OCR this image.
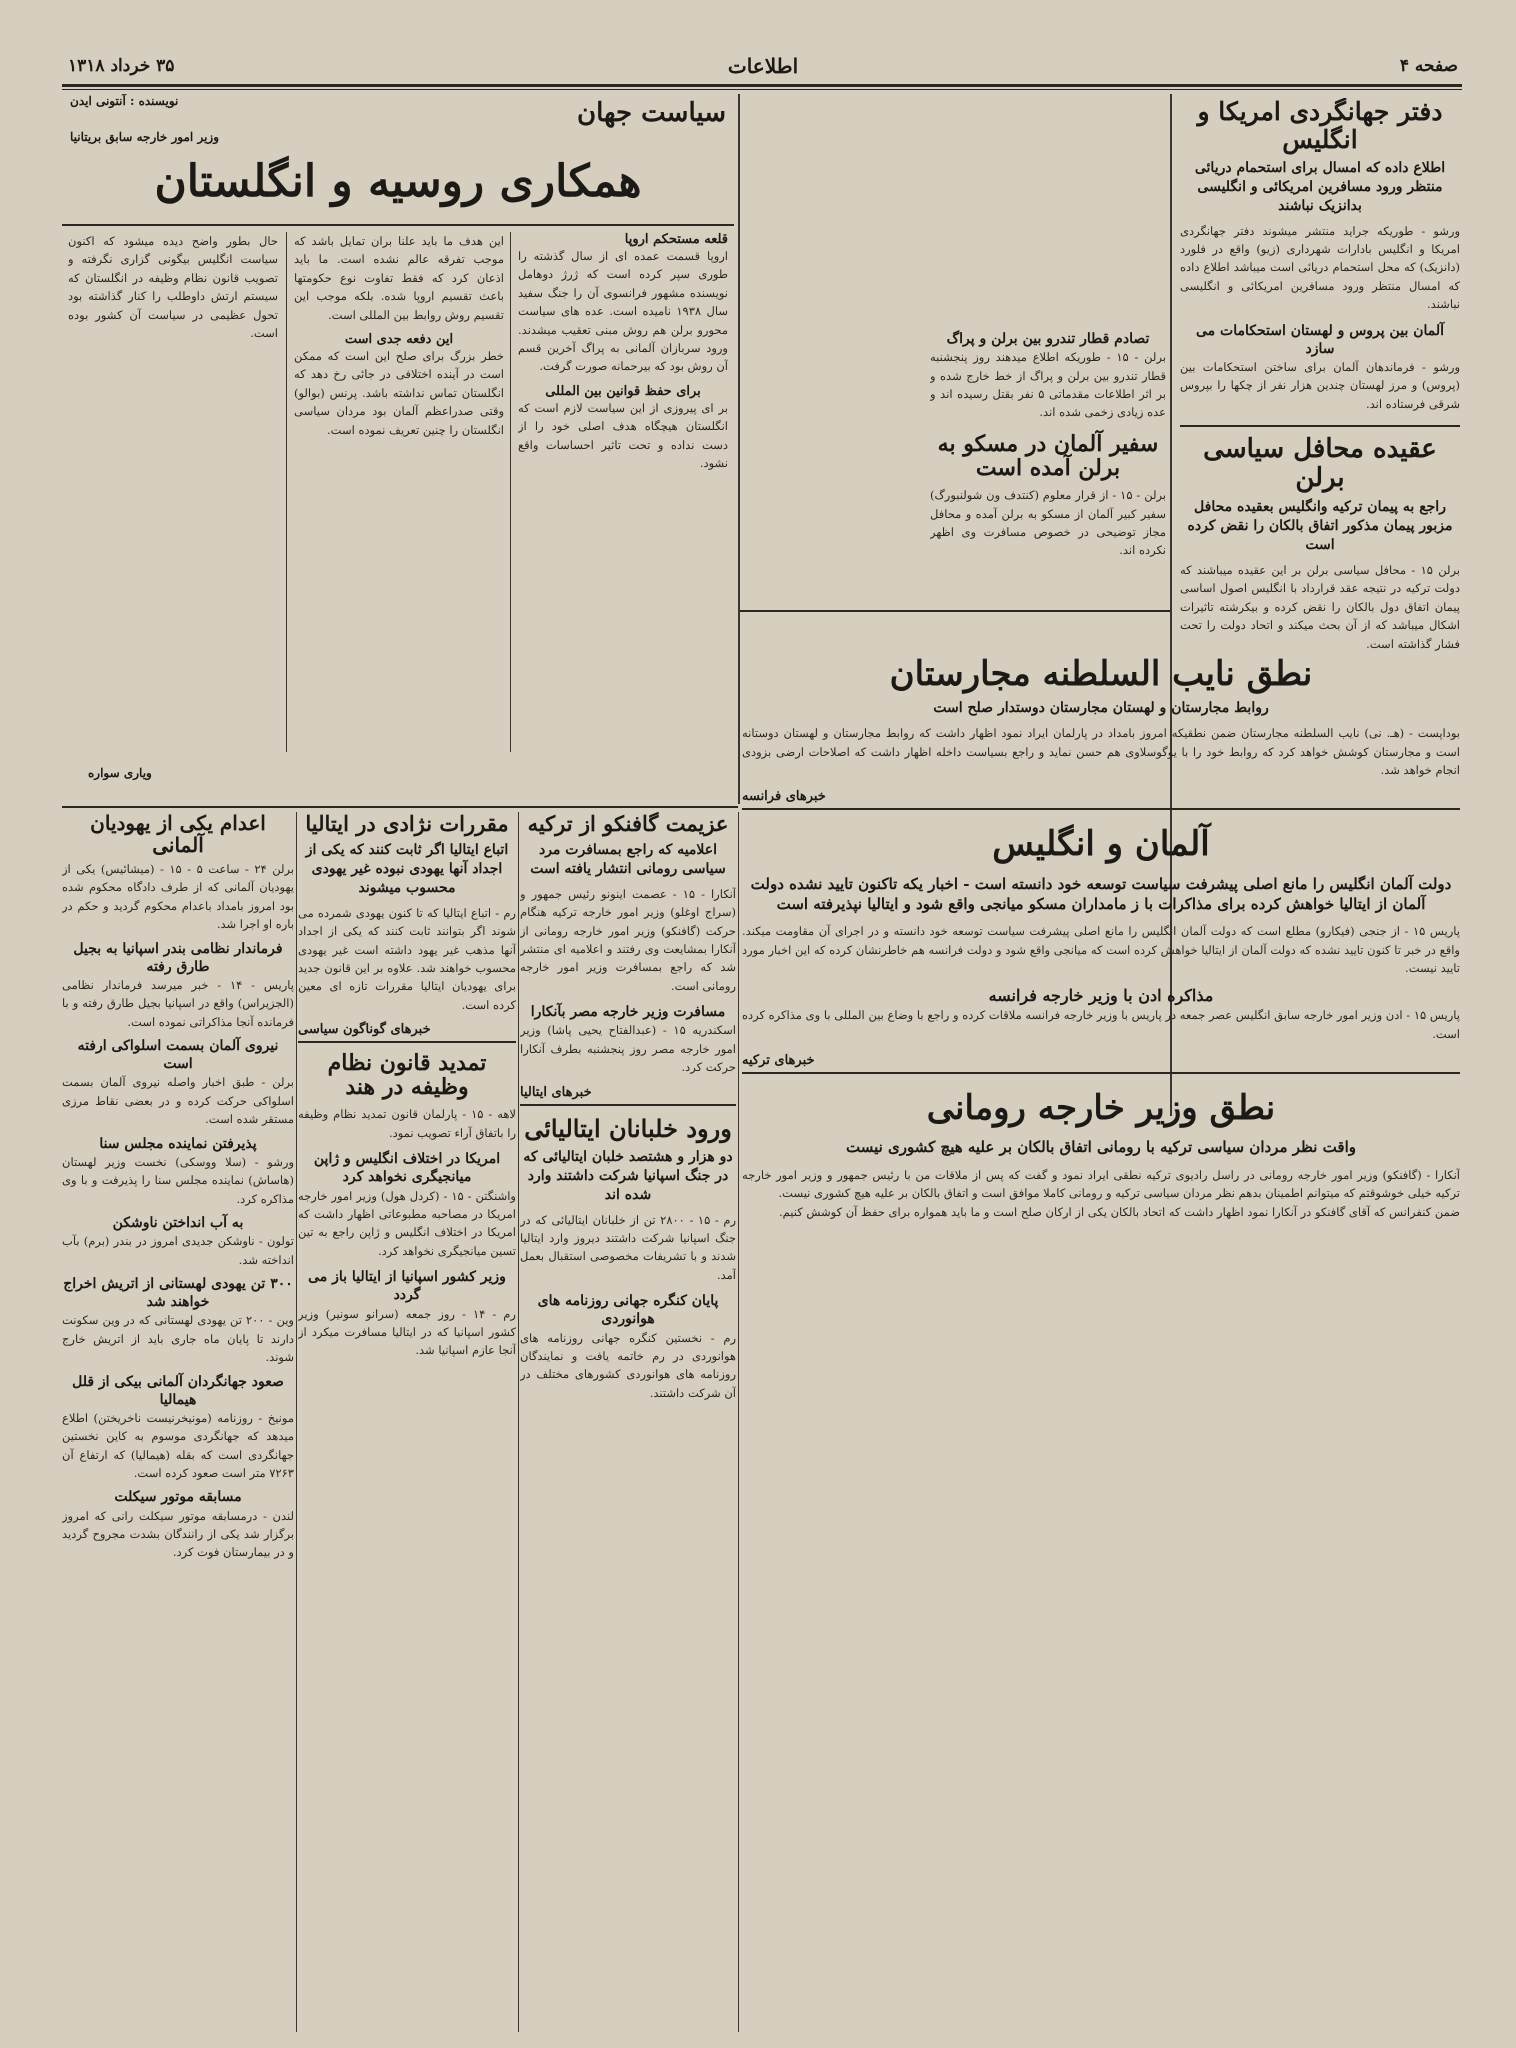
صفحه ۴
اطلاعات
۳۵ خرداد ۱۳۱۸
دفتر جهانگردی امریکا و انگلیس
اطلاع داده که امسال برای استحمام دریائی منتظر ورود مسافرین امریکائی و انگلیسی بدانزیک نباشند
ورشو - طوریکه جراید منتشر میشوند دفتر جهانگردی امریکا و انگلیس بادارات شهرداری (زیو) واقع در فلورد (دانزیک) که محل استحمام دریائی است میباشد اطلاع داده که امسال منتظر ورود مسافرین امریکائی و انگلیسی نباشند.
آلمان بین پروس و لهستان استحکامات می سازد
ورشو - فرماندهان آلمان برای ساختن استحکامات بین (پروس) و مرز لهستان چندین هزار نفر از چکها را بپروس شرقی فرستاده اند.
عقیده محافل سیاسی برلن
راجع به پیمان ترکیه وانگلیس بعقیده محافل مزبور پیمان مذکور اتفاق بالکان را نقض کرده است
برلن ۱۵ - محافل سیاسی برلن بر این عقیده میباشند که دولت ترکیه در نتیجه عقد قرارداد با انگلیس اصول اساسی پیمان اتفاق دول بالکان را نقض کرده و بیکرشته تاثیرات اشکال میباشد که از آن بحث میکند و اتحاد دولت را تحت فشار گذاشته است.
تصادم قطار تندرو بین برلن و پراگ
برلن - ۱۵ - طوریکه اطلاع میدهند روز پنجشنبه قطار تندرو بین برلن و پراگ از خط خارج شده و بر اثر اطلاعات مقدماتی ۵ نفر بقتل رسیده اند و عده زیادی زخمی شده اند.
سفیر آلمان در مسکو به برلن آمده است
برلن - ۱۵ - از قرار معلوم (کنتدف ون شولنبورگ) سفیر کبیر آلمان از مسکو به برلن آمده و محافل مجاز توضیحی در خصوص مسافرت وی اظهر نکرده اند.
سیاست جهان
نویسنده : آنتونی ایدن
وزیر امور خارجه سابق بریتانیا
همکاری روسیه و انگلستان
قلعه مستحکم اروپا
اروپا قسمت عمده ای از سال گذشته را طوری سپر کرده است که ژرژ دوهامل نویسنده مشهور فرانسوی آن را جنگ سفید سال ۱۹۳۸ نامیده است. عده های سیاست محورو برلن هم روش مبنی تعقیب میشدند. ورود سربازان آلمانی به پراگ آخرین قسم آن روش بود که بیرحمانه صورت گرفت.
برای حفظ قوانین بین المللی
بر ای پیروزی از این سیاست لازم است که انگلستان هیچگاه هدف اصلی خود را از دست نداده و تحت تاثیر احساسات واقع نشود.
این هدف ما باید علنا بران تمایل باشد که موجب تفرقه عالم نشده است. ما باید اذعان کرد که فقط تفاوت نوع حکومتها باعث تقسیم اروپا شده. بلکه موجب این تقسیم روش روابط بین المللی است.
این دفعه جدی است
خطر بزرگ برای صلح این است که ممکن است در آینده اختلافی در جائی رخ دهد که انگلستان تماس نداشته باشد. پرنس (بوالو) وقتی صدراعظم آلمان بود مردان سیاسی انگلستان را چنین تعریف نموده است.
حال بطور واضح دیده میشود که اکنون سیاست انگلیس بیگونی گزاری نگرفته و تصویب قانون نظام وظیفه در انگلستان که سیستم ارتش داوطلب را کنار گذاشته بود تحول عظیمی در سیاست آن کشور بوده است.
ویاری سواره
نطق نایب السلطنه مجارستان
روابط مجارستان و لهستان مجارستان دوستدار صلح است
بوداپست - (هـ. نی) نایب السلطنه مجارستان ضمن نطقیکه امروز بامداد در پارلمان ایراد نمود اظهار داشت که روابط مجارستان و لهستان دوستانه است و مجارستان کوشش خواهد کرد که روابط خود را با یوگوسلاوی هم حسن نماید و راجع بسیاست داخله اظهار داشت که اصلاحات ارضی بزودی انجام خواهد شد.
خبرهای فرانسه
آلمان و انگلیس
دولت آلمان انگلیس را مانع اصلی پیشرفت سیاست توسعه خود دانسته است - اخبار یکه تاکنون تایید نشده دولت آلمان از ایتالیا خواهش کرده برای مذاکرات با ز مامداران مسکو میانجی واقع شود و ایتالیا نپذیرفته است
پاریس ۱۵ - از جنجی (فیکارو) مطلع است که دولت آلمان انگلیس را مانع اصلی پیشرفت سیاست توسعه خود دانسته و در اجرای آن مقاومت میکند. واقع در خبر تا کنون تایید نشده که دولت آلمان از ایتالیا خواهش کرده است که میانجی واقع شود و دولت فرانسه هم خاطرنشان کرده که این اخبار مورد تایید نیست.
مذاکره ادن با وزیر خارجه فرانسه
پاریس ۱۵ - ادن وزیر امور خارجه سابق انگلیس عصر جمعه در پاریس با وزیر خارجه فرانسه ملاقات کرده و راجع با وضاع بین المللی با وی مذاکره کرده است.
خبرهای ترکیه
نطق وزیر خارجه رومانی
واقت نظر مردان سیاسی ترکیه با رومانی اتفاق بالکان بر علیه هیچ کشوری نیست
آنکارا - (گافنکو) وزیر امور خارجه رومانی در راسل رادیوی ترکیه نطقی ایراد نمود و گفت که پس از ملاقات من با رئیس جمهور و وزیر امور خارجه ترکیه خیلی خوشوقتم که میتوانم اطمینان بدهم نظر مردان سیاسی ترکیه و رومانی کاملا موافق است و اتفاق بالکان بر علیه هیچ کشوری نیست.
ضمن کنفرانس که آقای گافنکو در آنکارا نمود اظهار داشت که اتحاد بالکان یکی از ارکان صلح است و ما باید همواره برای حفظ آن کوشش کنیم.
عزیمت گافنکو از ترکیه
اعلامیه که راجع بمسافرت مرد سیاسی رومانی انتشار یافته است
آنکارا - ۱۵ - عصمت اینونو رئیس جمهور و (سراج اوغلو) وزیر امور خارجه ترکیه هنگام حرکت (گافنکو) وزیر امور خارجه رومانی از آنکارا بمشایعت وی رفتند و اعلامیه ای منتشر شد که راجع بمسافرت وزیر امور خارجه رومانی است.
مسافرت وزیر خارجه مصر بآنکارا
اسکندریه ۱۵ - (عبدالفتاح یحیی پاشا) وزیر امور خارجه مصر روز پنجشنبه بطرف آنکارا حرکت کرد.
خبرهای ایتالیا
ورود خلبانان ایتالیائی
دو هزار و هشتصد خلبان ایتالیائی که در جنگ اسپانیا شرکت داشتند وارد شده اند
رم - ۱۵ - ۲۸۰۰ تن از خلبانان ایتالیائی که در جنگ اسپانیا شرکت داشتند دیروز وارد ایتالیا شدند و با تشریفات مخصوصی استقبال بعمل آمد.
پایان کنگره جهانی روزنامه های هوانوردی
رم - نخستین کنگره جهانی روزنامه های هوانوردی در رم خاتمه یافت و نمایندگان روزنامه های هوانوردی کشورهای مختلف در آن شرکت داشتند.
مقررات نژادی در ایتالیا
اتباع ایتالیا اگر ثابت کنند که یکی از اجداد آنها یهودی نبوده غیر یهودی محسوب میشوند
رم - اتباع ایتالیا که تا کنون یهودی شمرده می شوند اگر بتوانند ثابت کنند که یکی از اجداد آنها مذهب غیر یهود داشته است غیر یهودی محسوب خواهند شد. علاوه بر این قانون جدید برای یهودیان ایتالیا مقررات تازه ای معین کرده است.
خبرهای گوناگون سیاسی
تمدید قانون نظام وظیفه در هند
لاهه - ۱۵ - پارلمان قانون تمدید نظام وظیفه را باتفاق آراء تصویب نمود.
امریکا در اختلاف انگلیس و ژاپن میانجیگری نخواهد کرد
واشنگتن - ۱۵ - (کردل هول) وزیر امور خارجه امریکا در مصاحبه مطبوعاتی اظهار داشت که امریکا در اختلاف انگلیس و ژاپن راجع به تین تسین میانجیگری نخواهد کرد.
وزیر کشور اسپانیا از ایتالیا باز می گردد
رم - ۱۴ - روز جمعه (سرانو سونیر) وزیر کشور اسپانیا که در ایتالیا مسافرت میکرد از آنجا عازم اسپانیا شد.
اعدام یکی از یهودیان آلمانی
برلن ۲۴ - ساعت ۵ - ۱۵ - (میشائیس) یکی از یهودیان آلمانی که از طرف دادگاه محکوم شده بود امروز بامداد باعدام محکوم گردید و حکم در باره او اجرا شد.
فرماندار نظامی بندر اسپانیا به بجیل طارق رفته
پاریس - ۱۴ - خبر میرسد فرماندار نظامی (الجزیراس) واقع در اسپانیا بجیل طارق رفته و با فرمانده آنجا مذاکراتی نموده است.
نیروی آلمان بسمت اسلواکی ارفته است
برلن - طبق اخبار واصله نیروی آلمان بسمت اسلواکی حرکت کرده و در بعضی نقاط مرزی مستقر شده است.
پذیرفتن نماینده مجلس سنا
ورشو - (سلا ووسکی) نخست وزیر لهستان (هاساش) نماینده مجلس سنا را پذیرفت و با وی مذاکره کرد.
به آب انداختن ناوشکن
تولون - ناوشکن جدیدی امروز در بندر (برم) بآب انداخته شد.
۳۰۰ تن یهودی لهستانی از اتریش اخراج خواهند شد
وین - ۲۰۰ تن یهودی لهستانی که در وین سکونت دارند تا پایان ماه جاری باید از اتریش خارج شوند.
صعود جهانگردان آلمانی بیکی از قلل هیمالیا
مونیخ - روزنامه (مونیخرنیست ناخریختن) اطلاع میدهد که جهانگردی موسوم به کاین نخستین جهانگردی است که بقله (هیمالیا) که ارتفاع آن ۷۲۶۳ متر است صعود کرده است.
مسابقه موتور سیکلت
لندن - درمسابقه موتور سیکلت رانی که امروز برگزار شد یکی از رانندگان بشدت مجروح گردید و در بیمارستان فوت کرد.
